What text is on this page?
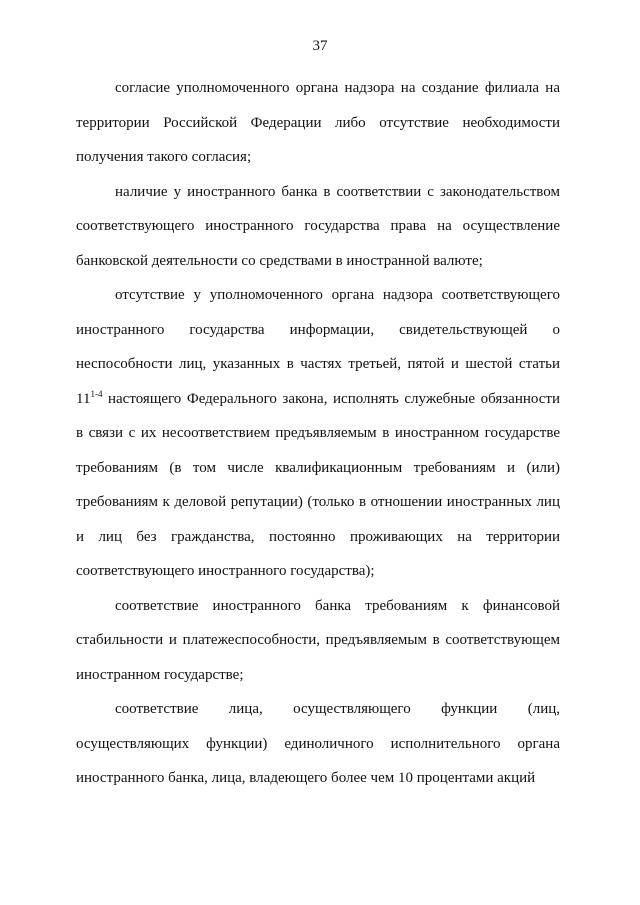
37

согласие уполномоченного органа надзора на создание филиала на территории Российской Федерации либо отсутствие необходимости получения такого согласия;

наличие у иностранного банка в соответствии с законодательством соответствующего иностранного государства права на осуществление банковской деятельности со средствами в иностранной валюте;

отсутствие у уполномоченного органа надзора соответствующего иностранного государства информации, свидетельствующей о неспособности лиц, указанных в частях третьей, пятой и шестой статьи 11$^{1-4}$ настоящего Федерального закона, исполнять служебные обязанности в связи с их несоответствием предъявляемым в иностранном государстве требованиям (в том числе квалификационным требованиям и (или) требованиям к деловой репутации) (только в отношении иностранных лиц и лиц без гражданства, постоянно проживающих на территории соответствующего иностранного государства);

соответствие иностранного банка требованиям к финансовой стабильности и платежеспособности, предъявляемым в соответствующем иностранном государстве;

соответствие лица, осуществляющего функции (лиц, осуществляющих функции) единоличного исполнительного органа иностранного банка, лица, владеющего более чем 10 процентами акций
